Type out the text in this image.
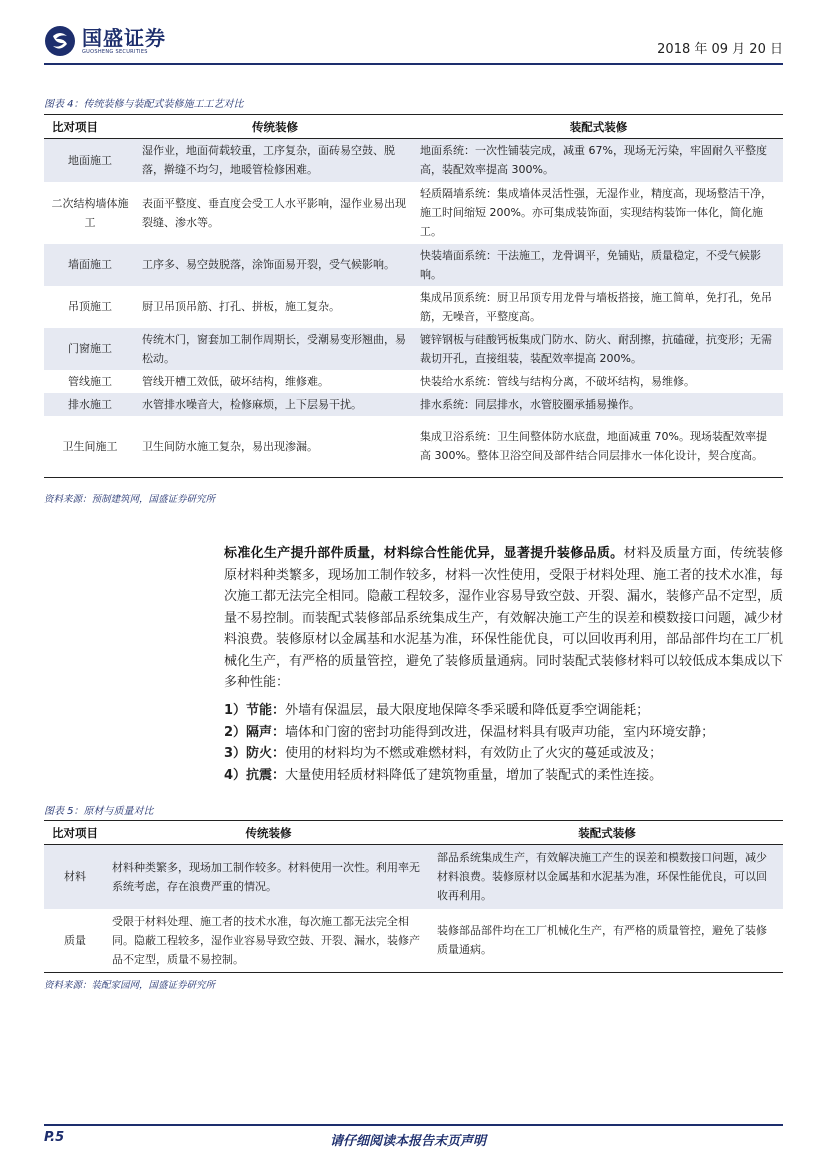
国盛证券
GUOSHENG SECURITIES	2018 年 09 月 20 日
图表 4：传统装修与装配式装修施工工艺对比
比对项目	传统装修	装配式装修
地面施工	湿作业，地面荷载较重，工序复杂，面砖易空鼓、脱落，擀缝不均匀，地暖管检修困难。	地面系统：一次性铺装完成，减重 67%，现场无污染，牢固耐久平整度高，装配效率提高 300%。
二次结构墙体施工	表面平整度、垂直度会受工人水平影响，湿作业易出现裂缝、渗水等。	轻质隔墙系统：集成墙体灵活性强，无湿作业，精度高，现场整洁干净，施工时间缩短 200%。亦可集成装饰面，实现结构装饰一体化，简化施工。
墙面施工	工序多、易空鼓脱落，涂饰面易开裂，受气候影响。	快装墙面系统：干法施工，龙骨调平，免铺贴，质量稳定，不受气候影响。
吊顶施工	厨卫吊顶吊筋、打孔、拼板，施工复杂。	集成吊顶系统：厨卫吊顶专用龙骨与墙板搭接，施工简单，免打孔，免吊筋，无噪音，平整度高。
门窗施工	传统木门，窗套加工制作周期长，受潮易变形翘曲，易松动。	镀锌钢板与硅酸钙板集成门防水、防火、耐刮擦，抗磕碰，抗变形；无需裁切开孔，直接组装，装配效率提高 200%。
管线施工	管线开槽工效低，破坏结构，维修难。	快装给水系统：管线与结构分离，不破坏结构，易维修。
排水施工	水管排水噪音大，检修麻烦，上下层易干扰。	排水系统：同层排水，水管胶圈承插易操作。
卫生间施工	卫生间防水施工复杂，易出现渗漏。	集成卫浴系统：卫生间整体防水底盘，地面减重 70%。现场装配效率提高 300%。整体卫浴空间及部件结合同层排水一体化设计，契合度高。
资料来源：预制建筑网，国盛证券研究所
标准化生产提升部件质量，材料综合性能优异，显著提升装修品质。材料及质量方面，传统装修原材料种类繁多，现场加工制作较多，材料一次性使用，受限于材料处理、施工者的技术水准，每次施工都无法完全相同。隐蔽工程较多，湿作业容易导致空鼓、开裂、漏水，装修产品不定型，质量不易控制。而装配式装修部品系统集成生产，有效解决施工产生的误差和模数接口问题，减少材料浪费。装修原材以金属基和水泥基为准，环保性能优良，可以回收再利用，部品部件均在工厂机械化生产，有严格的质量管控，避免了装修质量通病。同时装配式装修材料可以较低成本集成以下多种性能：
1）节能：外墙有保温层，最大限度地保障冬季采暖和降低夏季空调能耗；
2）隔声：墙体和门窗的密封功能得到改进，保温材料具有吸声功能，室内环境安静；
3）防火：使用的材料均为不燃或难燃材料，有效防止了火灾的蔓延或波及；
4）抗震：大量使用轻质材料降低了建筑物重量，增加了装配式的柔性连接。
图表 5：原材与质量对比
比对项目	传统装修	装配式装修
材料	材料种类繁多，现场加工制作较多。材料使用一次性。利用率无系统考虑，存在浪费严重的情况。	部品系统集成生产，有效解决施工产生的误差和模数接口问题，减少材料浪费。装修原材以金属基和水泥基为准，环保性能优良，可以回收再利用。
质量	受限于材料处理、施工者的技术水准，每次施工都无法完全相同。隐蔽工程较多，湿作业容易导致空鼓、开裂、漏水，装修产品不定型，质量不易控制。	装修部品部件均在工厂机械化生产，有严格的质量管控，避免了装修质量通病。
资料来源：装配家园网，国盛证券研究所
P.5	请仔细阅读本报告末页声明
